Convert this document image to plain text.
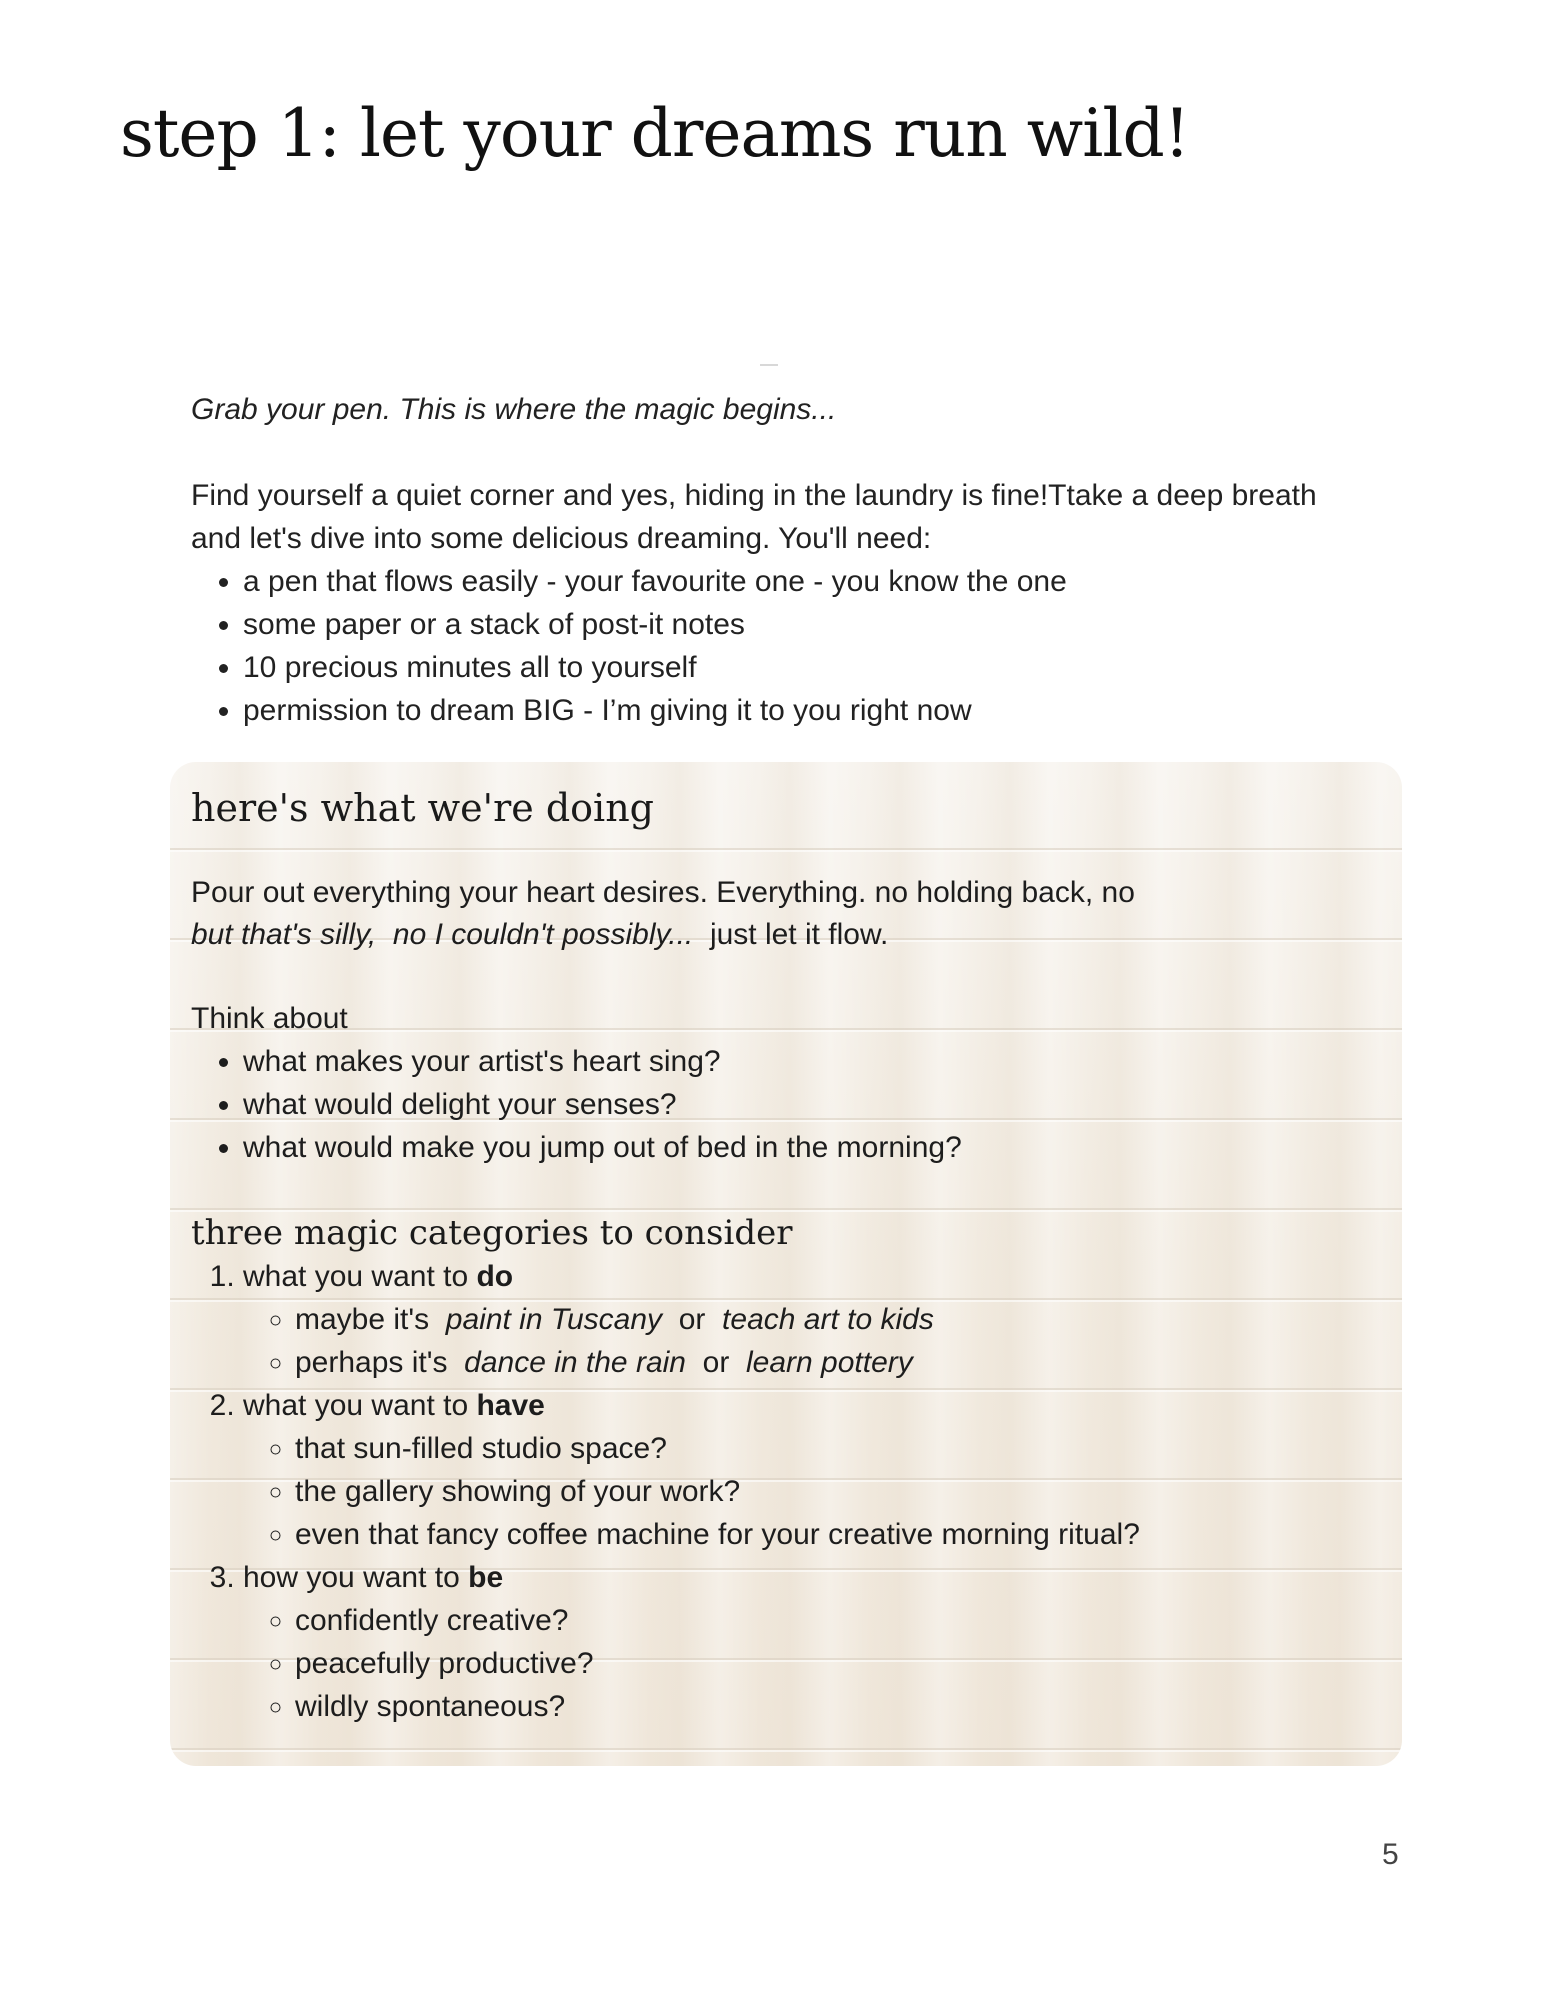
step 1: let your dreams run wild!

Grab your pen. This is where the magic begins...

Find yourself a quiet corner and yes, hiding in the laundry is fine!Ttake a deep breath and let's dive into some delicious dreaming. You'll need:

• a pen that flows easily - your favourite one - you know the one
• some paper or a stack of post-it notes
• 10 precious minutes all to yourself
• permission to dream BIG - I’m giving it to you right now
here's what we're doing

Pour out everything your heart desires. Everything. no holding back, no

but that's silly, no I couldn't possibly... just let it flow.

Think about

• what makes your artist's heart sing?
• what would delight your senses?
• what would make you jump out of bed in the morning?
three magic categories to consider
1. what you want to do
◦ maybe it's paint in Tuscany or teach art to kids
◦ perhaps it's dance in the rain or learn pottery
2. what you want to have
◦ that sun-filled studio space?
◦ the gallery showing of your work?
◦ even that fancy coffee machine for your creative morning ritual?
3. how you want to be
◦ confidently creative?
◦ peacefully productive?
◦ wildly spontaneous?
5
